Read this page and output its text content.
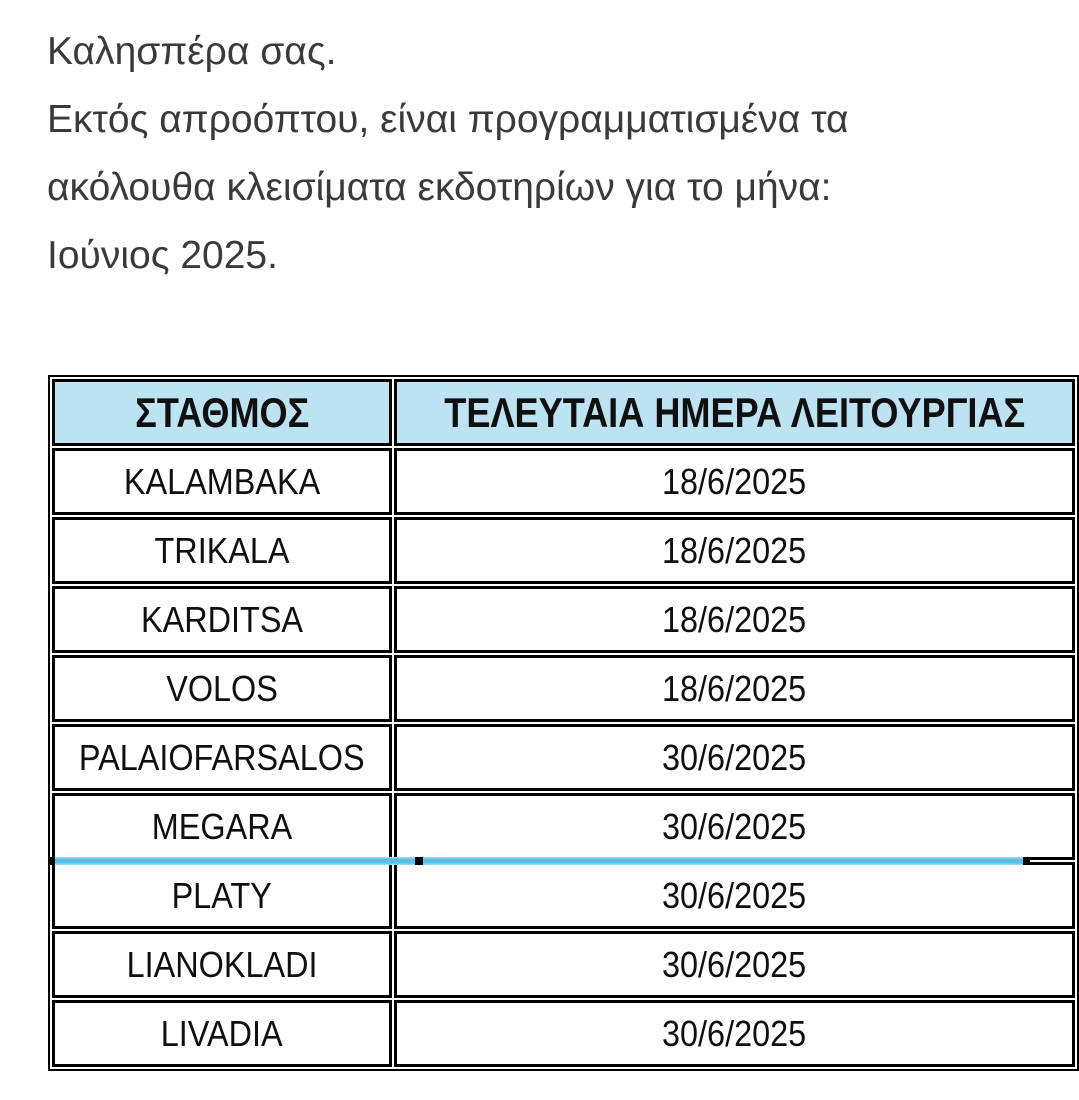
Καλησπέρα σας.
Εκτός απροόπτου, είναι προγραμματισμένα τα
ακόλουθα κλεισίματα εκδοτηρίων για το μήνα:
Ιούνιος 2025.
ΣΤΑΘΜΟΣ	ΤΕΛΕΥΤΑΙΑ ΗΜΕΡΑ ΛΕΙΤΟΥΡΓΙΑΣ
KALAMBAKA	18/6/2025
TRIKALA	18/6/2025
KARDITSA	18/6/2025
VOLOS	18/6/2025
PALAIOFARSALOS	30/6/2025
MEGARA	30/6/2025
PLATY	30/6/2025
LIANOKLADI	30/6/2025
LIVADIA	30/6/2025
